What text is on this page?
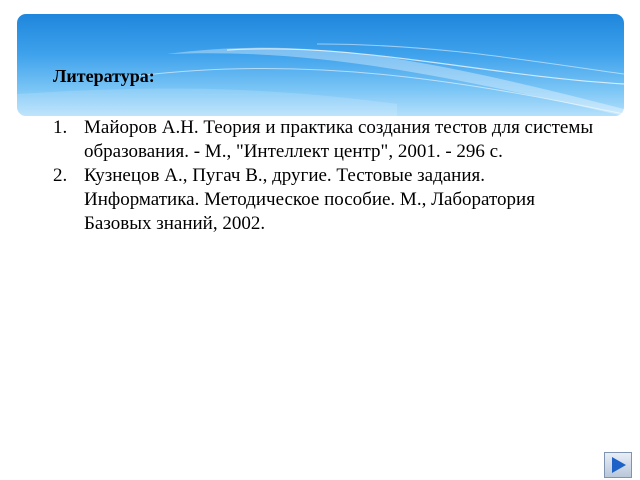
Литература:
1. Майоров А.Н. Теория и практика создания тестов для системы образования. - М., "Интеллект центр", 2001. - 296 с.
2. Кузнецов А., Пугач В., другие. Тестовые задания. Информатика. Методическое пособие. М., Лаборатория Базовых знаний, 2002.
